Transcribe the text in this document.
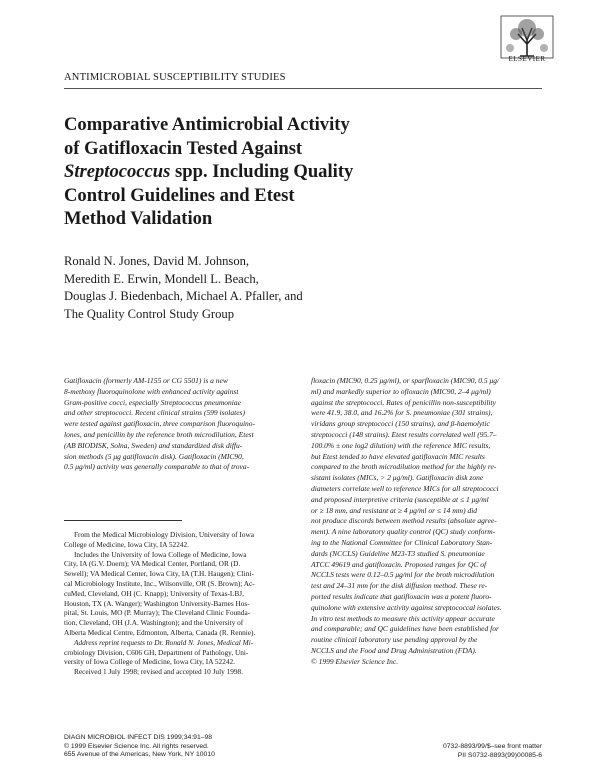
ELSEVIER
ANTIMICROBIAL SUSCEPTIBILITY STUDIES
Comparative Antimicrobial Activity
of Gatifloxacin Tested Against
Streptococcus spp. Including Quality
Control Guidelines and Etest
Method Validation
Ronald N. Jones, David M. Johnson,
Meredith E. Erwin, Mondell L. Beach,
Douglas J. Biedenbach, Michael A. Pfaller, and
The Quality Control Study Group
Gatifloxacin (formerly AM-1155 or CG 5501) is a new
8-methoxy fluoroquinolone with enhanced activity against
Gram-positive cocci, especially Streptococcus pneumoniae
and other streptococci. Recent clinical strains (599 isolates)
were tested against gatifloxacin, three comparison fluoroquino-
lones, and penicillin by the reference broth microdilution, Etest
(AB BIODISK, Solna, Sweden) and standardized disk diffu-
sion methods (5 μg gatifloxacin disk). Gatifloxacin (MIC90,
0.5 μg/ml) activity was generally comparable to that of trova-
floxacin (MIC90, 0.25 μg/ml), or sparfloxacin (MIC90, 0.5 μg/
ml) and markedly superior to ofloxacin (MIC90, 2–4 μg/ml)
against the streptococci. Rates of penicillin non-susceptibility
were 41.9, 38.0, and 16.2% for S. pneumoniae (301 strains),
viridans group streptococci (150 strains), and β-haemolytic
streptococci (148 strains). Etest results correlated well (95.7–
100.0% ± one log2 dilution) with the reference MIC results,
but Etest tended to have elevated gatifloxacin MIC results
compared to the broth microdilution method for the highly re-
sistant isolates (MICs, > 2 μg/ml). Gatifloxacin disk zone
diameters correlate well to reference MICs for all streptococci
and proposed interpretive criteria (susceptible at ≤ 1 μg/ml
or ≥ 18 mm, and resistant at ≥ 4 μg/ml or ≤ 14 mm) did
not produce discords between method results (absolute agree-
ment). A nine laboratory quality control (QC) study conform-
ing to the National Committee for Clinical Laboratory Stan-
dards (NCCLS) Guideline M23-T3 studied S. pneumoniae
ATCC 49619 and gatifloxacin. Proposed ranges for QC of
NCCLS tests were 0.12–0.5 μg/ml for the broth microdilution
test and 24–31 mm for the disk diffusion method. These re-
ported results indicate that gatifloxacin was a potent fluoro-
quinolone with extensive activity against streptococcal isolates.
In vitro test methods to measure this activity appear accurate
and comparable; and QC guidelines have been established for
routine clinical laboratory use pending approval by the
NCCLS and the Food and Drug Administration (FDA).
© 1999 Elsevier Science Inc.
From the Medical Microbiology Division, University of Iowa
College of Medicine, Iowa City, IA 52242.
Includes the University of Iowa College of Medicine, Iowa
City, IA (G.V. Doern); VA Medical Center, Portland, OR (D.
Sewell); VA Medical Center, Iowa City, IA (T.H. Haugen); Clini-
cal Microbiology Institute, Inc., Wilsonville, OR (S. Brown); Ac-
cuMed, Cleveland, OH (C. Knapp); University of Texas-LBJ,
Houston, TX (A. Wanger); Washington University-Barnes Hos-
pital, St. Louis, MO (P. Murray); The Cleveland Clinic Founda-
tion, Cleveland, OH (J.A. Washington); and the University of
Alberta Medical Centre, Edmonton, Alberta, Canada (R. Rennie).
Address reprint requests to Dr. Ronald N. Jones, Medical Mi-
crobiology Division, C606 GH, Department of Pathology, Uni-
versity of Iowa College of Medicine, Iowa City, IA 52242.
Received 1 July 1998; revised and accepted 10 July 1998.
DIAGN MICROBIOL INFECT DIS 1999;34:91–98
© 1999 Elsevier Science Inc. All rights reserved.
655 Avenue of the Americas, New York, NY 10010
0732-8893/99/$–see front matter
PII S0732-8893(99)00085-6
